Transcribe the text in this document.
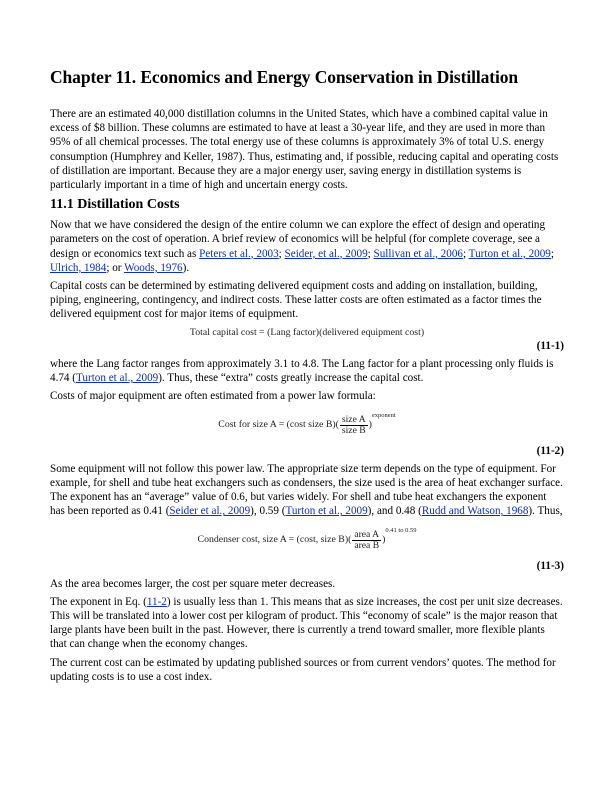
Chapter 11. Economics and Energy Conservation in Distillation

There are an estimated 40,000 distillation columns in the United States, which have a combined capital value in excess of $8 billion. These columns are estimated to have at least a 30-year life, and they are used in more than 95% of all chemical processes. The total energy use of these columns is approximately 3% of total U.S. energy consumption (Humphrey and Keller, 1987). Thus, estimating and, if possible, reducing capital and operating costs of distillation are important. Because they are a major energy user, saving energy in distillation systems is particularly important in a time of high and uncertain energy costs.

11.1 Distillation Costs

Now that we have considered the design of the entire column we can explore the effect of design and operating parameters on the cost of operation. A brief review of economics will be helpful (for complete coverage, see a design or economics text such as Peters et al., 2003; Seider, et al., 2009; Sullivan et al., 2006; Turton et al., 2009; Ulrich, 1984; or Woods, 1976).

Capital costs can be determined by estimating delivered equipment costs and adding on installation, building, piping, engineering, contingency, and indirect costs. These latter costs are often estimated as a factor times the delivered equipment cost for major items of equipment.

Total capital cost = (Lang factor)(delivered equipment cost)
(11-1)

where the Lang factor ranges from approximately 3.1 to 4.8. The Lang factor for a plant processing only fluids is 4.74 (Turton et al., 2009). Thus, these “extra” costs greatly increase the capital cost.

Costs of major equipment are often estimated from a power law formula:

Cost for size A = (cost size $B)( \frac{\text{size A}}{\text{size B}} )^{exponent}$
(11-2)

Some equipment will not follow this power law. The appropriate size term depends on the type of equipment. For example, for shell and tube heat exchangers such as condensers, the size used is the area of heat exchanger surface. The exponent has an “average” value of 0.6, but varies widely. For shell and tube heat exchangers the exponent has been reported as 0.41 (Seider et al., 2009), 0.59 (Turton et al., 2009), and 0.48 (Rudd and Watson, 1968). Thus,

Condenser cost, size A = (cost, size $B)( \frac{\text{area A}}{\text{area B}} )^{0.41 to 0.59}$
(11-3)

As the area becomes larger, the cost per square meter decreases.

The exponent in Eq. (11-2) is usually less than 1. This means that as size increases, the cost per unit size decreases. This will be translated into a lower cost per kilogram of product. This “economy of scale” is the major reason that large plants have been built in the past. However, there is currently a trend toward smaller, more flexible plants that can change when the economy changes.

The current cost can be estimated by updating published sources or from current vendors’ quotes. The method for updating costs is to use a cost index.
